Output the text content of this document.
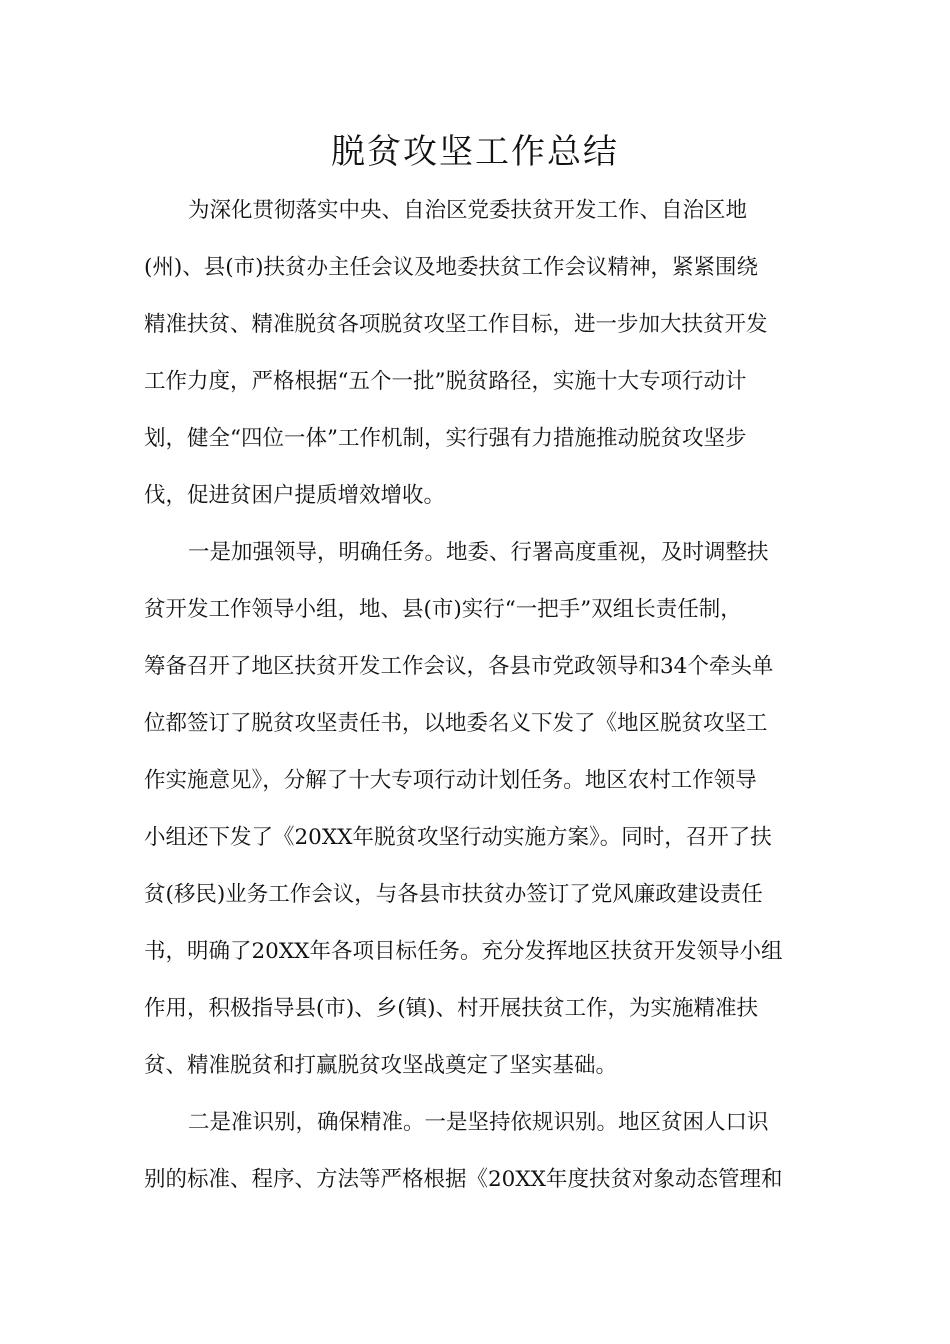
脱贫攻坚工作总结

为深化贯彻落实中央、自治区党委扶贫开发工作、自治区地

(州)、县(市)扶贫办主任会议及地委扶贫工作会议精神，紧紧围绕

精准扶贫、精准脱贫各项脱贫攻坚工作目标，进一步加大扶贫开发

工作力度，严格根据“五个一批”脱贫路径，实施十大专项行动计

划，健全“四位一体”工作机制，实行强有力措施推动脱贫攻坚步

伐，促进贫困户提质增效增收。

一是加强领导，明确任务。地委、行署高度重视，及时调整扶

贫开发工作领导小组，地、县(市)实行“一把手”双组长责任制，

筹备召开了地区扶贫开发工作会议，各县市党政领导和34个牵头单

位都签订了脱贫攻坚责任书，以地委名义下发了《地区脱贫攻坚工

作实施意见》，分解了十大专项行动计划任务。地区农村工作领导

小组还下发了《20XX年脱贫攻坚行动实施方案》。同时，召开了扶

贫(移民)业务工作会议，与各县市扶贫办签订了党风廉政建设责任

书，明确了20XX年各项目标任务。充分发挥地区扶贫开发领导小组

作用，积极指导县(市)、乡(镇)、村开展扶贫工作，为实施精准扶

贫、精准脱贫和打赢脱贫攻坚战奠定了坚实基础。

二是准识别，确保精准。一是坚持依规识别。地区贫困人口识

别的标准、程序、方法等严格根据《20XX年度扶贫对象动态管理和
